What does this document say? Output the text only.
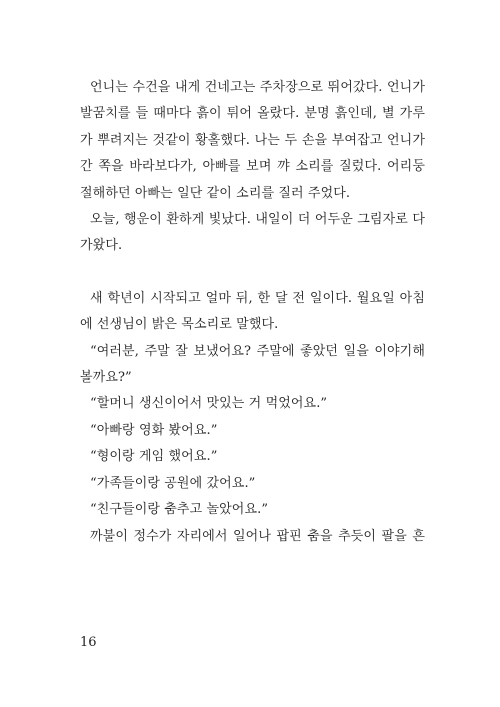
언니는 수건을 내게 건네고는 주차장으로 뛰어갔다. 언니가 발꿈치를 들 때마다 흙이 튀어 올랐다. 분명 흙인데, 별 가루가 뿌려지는 것같이 황홀했다. 나는 두 손을 부여잡고 언니가 간 쪽을 바라보다가, 아빠를 보며 꺄 소리를 질렀다. 어리둥절해하던 아빠는 일단 같이 소리를 질러 주었다.

오늘, 행운이 환하게 빛났다. 내일이 더 어두운 그림자로 다가왔다.

새 학년이 시작되고 얼마 뒤, 한 달 전 일이다. 월요일 아침에 선생님이 밝은 목소리로 말했다.

“여러분, 주말 잘 보냈어요? 주말에 좋았던 일을 이야기해 볼까요?”

“할머니 생신이어서 맛있는 거 먹었어요.”

“아빠랑 영화 봤어요.”

“형이랑 게임 했어요.”

“가족들이랑 공원에 갔어요.”

“친구들이랑 춤추고 놀았어요.”

까불이 정수가 자리에서 일어나 팝핀 춤을 추듯이 팔을 흔

16
